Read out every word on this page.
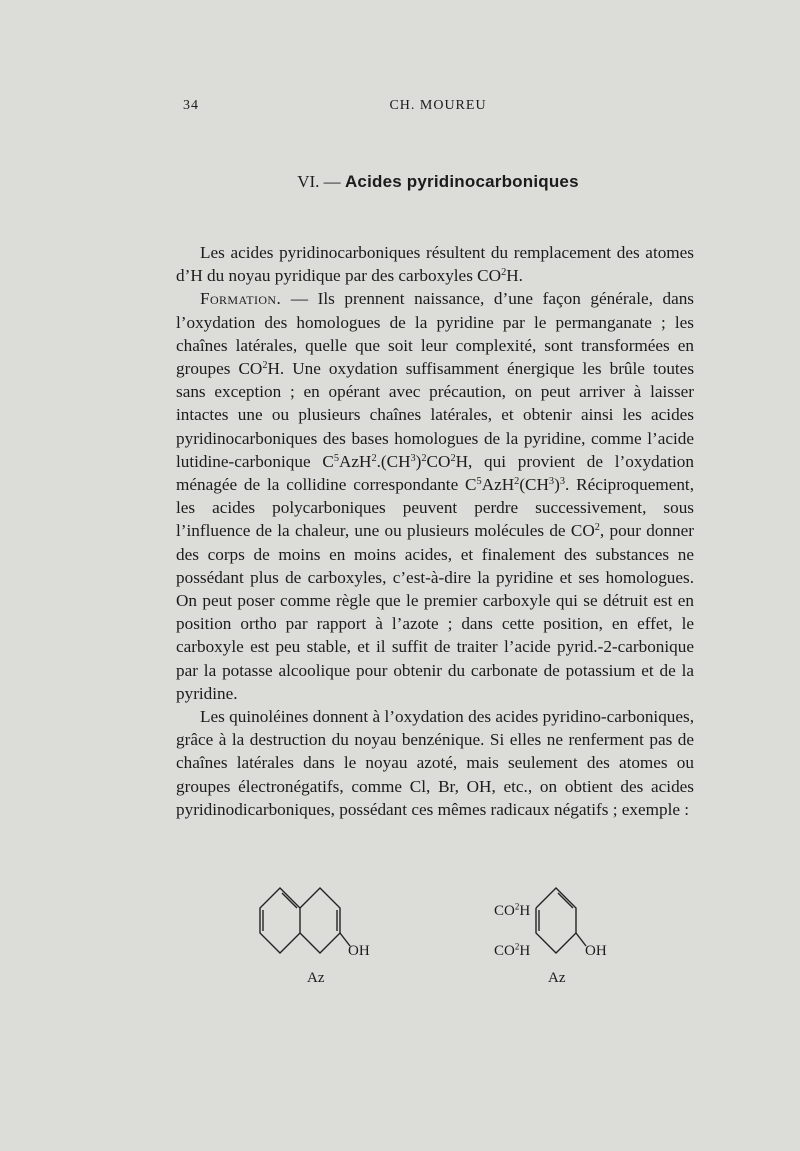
34	CH. MOUREU
VI. — Acides pyridinocarboniques

Les acides pyridinocarboniques résultent du remplacement des atomes d’H du noyau pyridique par des carboxyles $CO^2H$.

Formation. — Ils prennent naissance, d’une façon générale, dans l’oxydation des homologues de la pyridine par le permanganate ; les chaînes latérales, quelle que soit leur complexité, sont transformées en groupes $CO^2H$. Une oxydation suffisamment énergique les brûle toutes sans exception ; en opérant avec précaution, on peut arriver à laisser intactes une ou plusieurs chaînes latérales, et obtenir ainsi les acides pyridinocarboniques des bases homologues de la pyridine, comme l’acide lutidine-carbonique $C^5AzH^2.(CH^3)^2CO^2H$, qui provient de l’oxydation ménagée de la collidine correspondante $C^5AzH^2(CH^3)^3$. Réciproquement, les acides polycarboniques peuvent perdre successivement, sous l’influence de la chaleur, une ou plusieurs molécules de $CO^2$, pour donner des corps de moins en moins acides, et finalement des substances ne possédant plus de carboxyles, c’est-à-dire la pyridine et ses homologues. On peut poser comme règle que le premier carboxyle qui se détruit est en position ortho par rapport à l’azote ; dans cette position, en effet, le carboxyle est peu stable, et il suffit de traiter l’acide pyrid.-2-carbonique par la potasse alcoolique pour obtenir du carbonate de potassium et de la pyridine.

Les quinoléines donnent à l’oxydation des acides pyridino-carboniques, grâce à la destruction du noyau benzénique. Si elles ne renferment pas de chaînes latérales dans le noyau azoté, mais seulement des atomes ou groupes électronégatifs, comme Cl, Br, OH, etc., on obtient des acides pyridinodicarboniques, possédant ces mêmes radicaux négatifs ; exemple :

OH
Az
$CO^2H$
$CO^2H$	OH
Az
